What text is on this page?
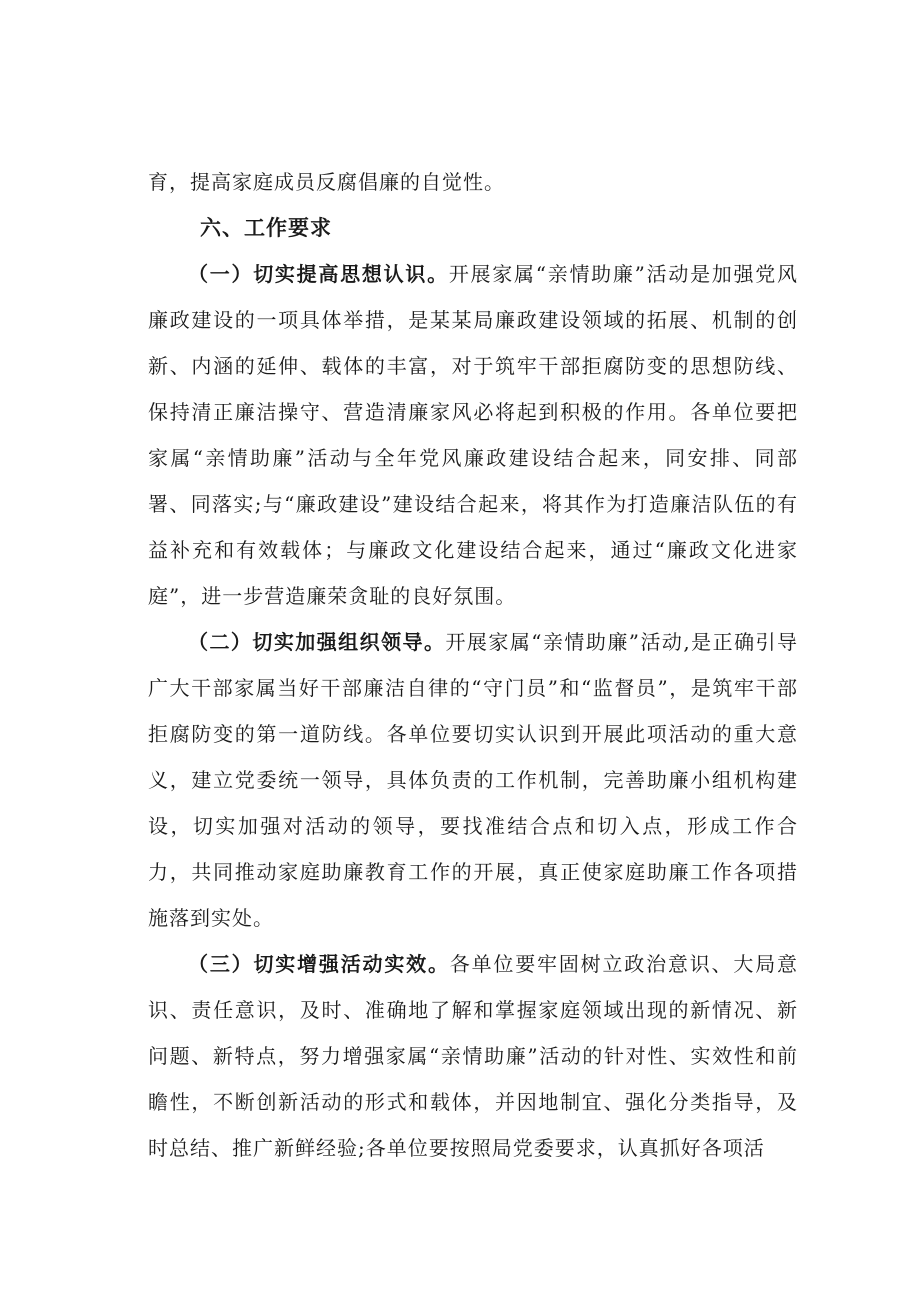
育，提高家庭成员反腐倡廉的自觉性。

六、工作要求

（一）切实提高思想认识。开展家属“亲情助廉”活动是加强党风廉政建设的一项具体举措，是某某局廉政建设领域的拓展、机制的创新、内涵的延伸、载体的丰富，对于筑牢干部拒腐防变的思想防线、保持清正廉洁操守、营造清廉家风必将起到积极的作用。各单位要把家属“亲情助廉”活动与全年党风廉政建设结合起来，同安排、同部署、同落实;与“廉政建设”建设结合起来，将其作为打造廉洁队伍的有益补充和有效载体；与廉政文化建设结合起来，通过“廉政文化进家庭”，进一步营造廉荣贪耻的良好氛围。

（二）切实加强组织领导。开展家属“亲情助廉”活动,是正确引导广大干部家属当好干部廉洁自律的“守门员”和“监督员”，是筑牢干部拒腐防变的第一道防线。各单位要切实认识到开展此项活动的重大意义，建立党委统一领导，具体负责的工作机制，完善助廉小组机构建设，切实加强对活动的领导，要找准结合点和切入点，形成工作合力，共同推动家庭助廉教育工作的开展，真正使家庭助廉工作各项措施落到实处。

（三）切实增强活动实效。各单位要牢固树立政治意识、大局意识、责任意识，及时、准确地了解和掌握家庭领域出现的新情况、新问题、新特点，努力增强家属“亲情助廉”活动的针对性、实效性和前瞻性，不断创新活动的形式和载体，并因地制宜、强化分类指导，及时总结、推广新鲜经验;各单位要按照局党委要求，认真抓好各项活
